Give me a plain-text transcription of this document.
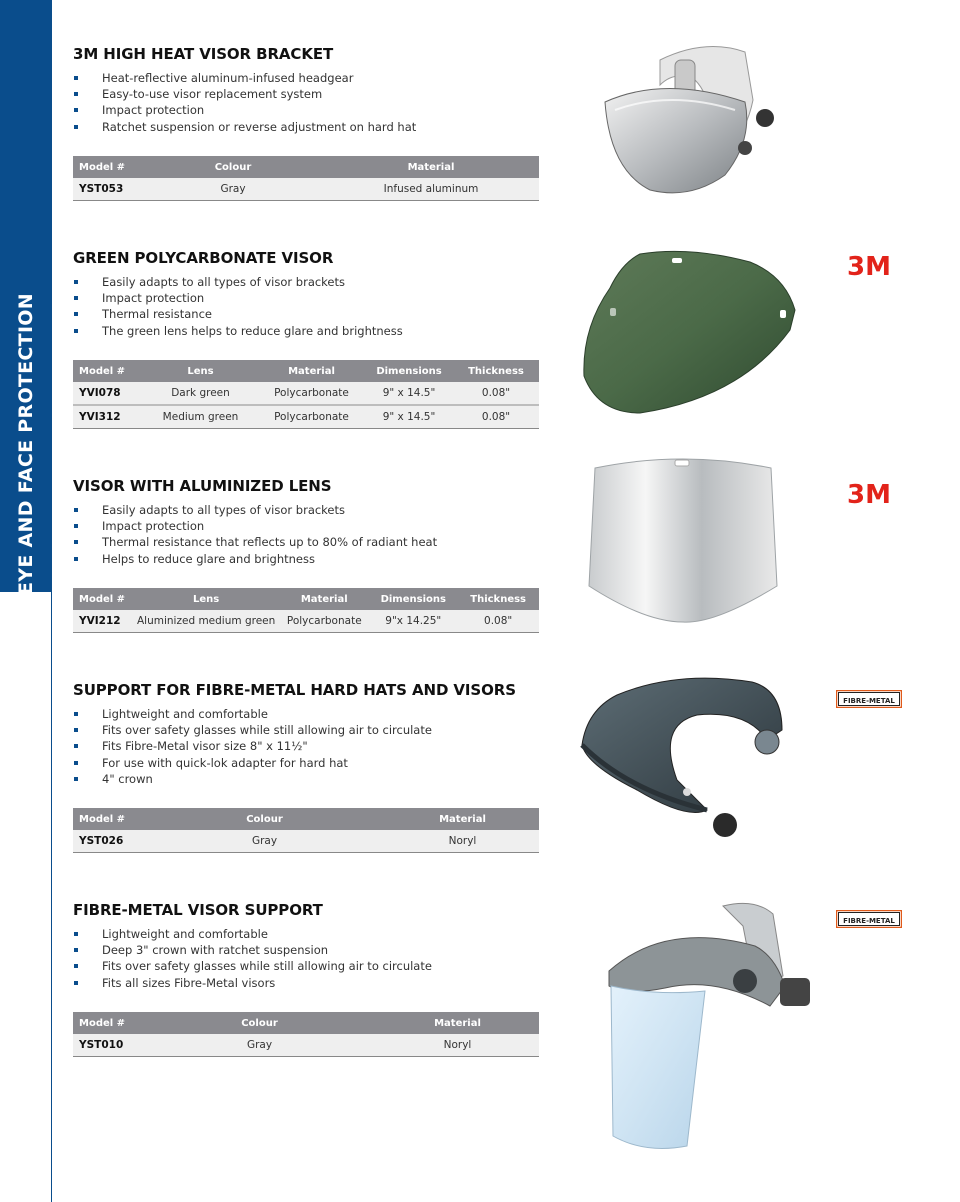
EYE AND FACE PROTECTION
3M HIGH HEAT VISOR BRACKET
Heat-reflective aluminum-infused headgear
Easy-to-use visor replacement system
Impact protection
Ratchet suspension or reverse adjustment on hard hat
Model #	Colour	Material
YST053	Gray	Infused aluminum
GREEN POLYCARBONATE VISOR
Easily adapts to all types of visor brackets
Impact protection
Thermal resistance
The green lens helps to reduce glare and brightness
Model #	Lens	Material	Dimensions	Thickness
YVI078	Dark green	Polycarbonate	9" x 14.5"	0.08"
YVI312	Medium green	Polycarbonate	9" x 14.5"	0.08"
VISOR WITH ALUMINIZED LENS
Easily adapts to all types of visor brackets
Impact protection
Thermal resistance that reflects up to 80% of radiant heat
Helps to reduce glare and brightness
Model #	Lens	Material	Dimensions	Thickness
YVI212	Aluminized medium green	Polycarbonate	9"x 14.25"	0.08"
SUPPORT FOR FIBRE-METAL HARD HATS AND VISORS
Lightweight and comfortable
Fits over safety glasses while still allowing air to circulate
Fits Fibre-Metal visor size 8" x 11½"
For use with quick-lok adapter for hard hat
4" crown
Model #	Colour	Material
YST026	Gray	Noryl
FIBRE-METAL VISOR SUPPORT
Lightweight and comfortable
Deep 3" crown with ratchet suspension
Fits over safety glasses while still allowing air to circulate
Fits all sizes Fibre-Metal visors
Model #	Colour	Material
YST010	Gray	Noryl
3M
3M
FIBRE-METAL
FIBRE-METAL
